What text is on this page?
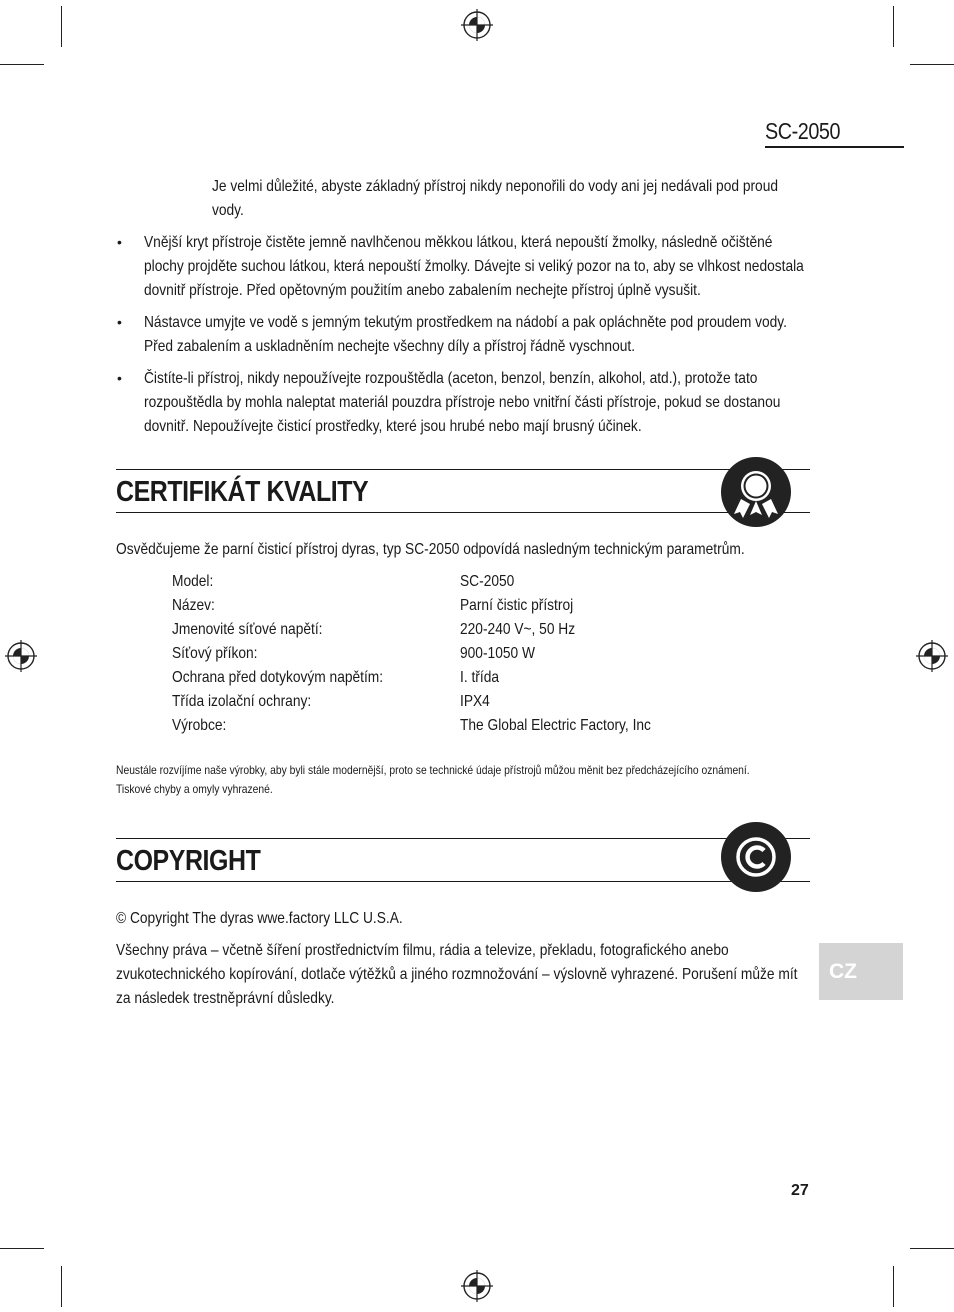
SC-2050
Je velmi důležité, abyste základný přístroj nikdy neponořili do vody ani jej nedávali pod proud
vody.
• Vnější kryt přístroje čistěte jemně navlhčenou měkkou látkou, která nepouští žmolky, následně očištěné
plochy projděte suchou látkou, která nepouští žmolky. Dávejte si veliký pozor na to, aby se vlhkost nedostala
dovnitř přístroje. Před opětovným použitím anebo zabalením nechejte přístroj úplně vysušit.
• Nástavce umyjte ve vodě s jemným tekutým prostředkem na nádobí a pak opláchněte pod proudem vody.
Před zabalením a uskladněním nechejte všechny díly a přístroj řádně vyschnout.
• Čistíte-li přístroj, nikdy nepoužívejte rozpouštědla (aceton, benzol, benzín, alkohol, atd.), protože tato
rozpouštědla by mohla naleptat materiál pouzdra přístroje nebo vnitřní části přístroje, pokud se dostanou
dovnitř. Nepoužívejte čisticí prostředky, které jsou hrubé nebo mají brusný účinek.
CERTIFIKÁT KVALITY
Osvědčujeme že parní čisticí přístroj dyras, typ SC-2050 odpovídá nasledným technickým parametrům.
Model:	SC-2050
Název:	Parní čistic přístroj
Jmenovité síťové napětí:	220-240 V~, 50 Hz
Síťový příkon:	900-1050 W
Ochrana před dotykovým napětím:	I. třída
Třída izolační ochrany:	IPX4
Výrobce:	The Global Electric Factory, Inc
Neustále rozvíjíme naše výrobky, aby byli stále modernější, proto se technické údaje přístrojů můžou měnit bez předcházejícího oznámení.
Tiskové chyby a omyly vyhrazené.
COPYRIGHT
© Copyright The dyras wwe.factory LLC U.S.A.
Všechny práva – včetně šíření prostřednictvím filmu, rádia a televize, překladu, fotografického anebo
zvukotechnického kopírování, dotlače výtěžků a jiného rozmnožování – výslovně vyhrazené. Porušení může mít
za následek trestněprávní důsledky.
CZ
27
